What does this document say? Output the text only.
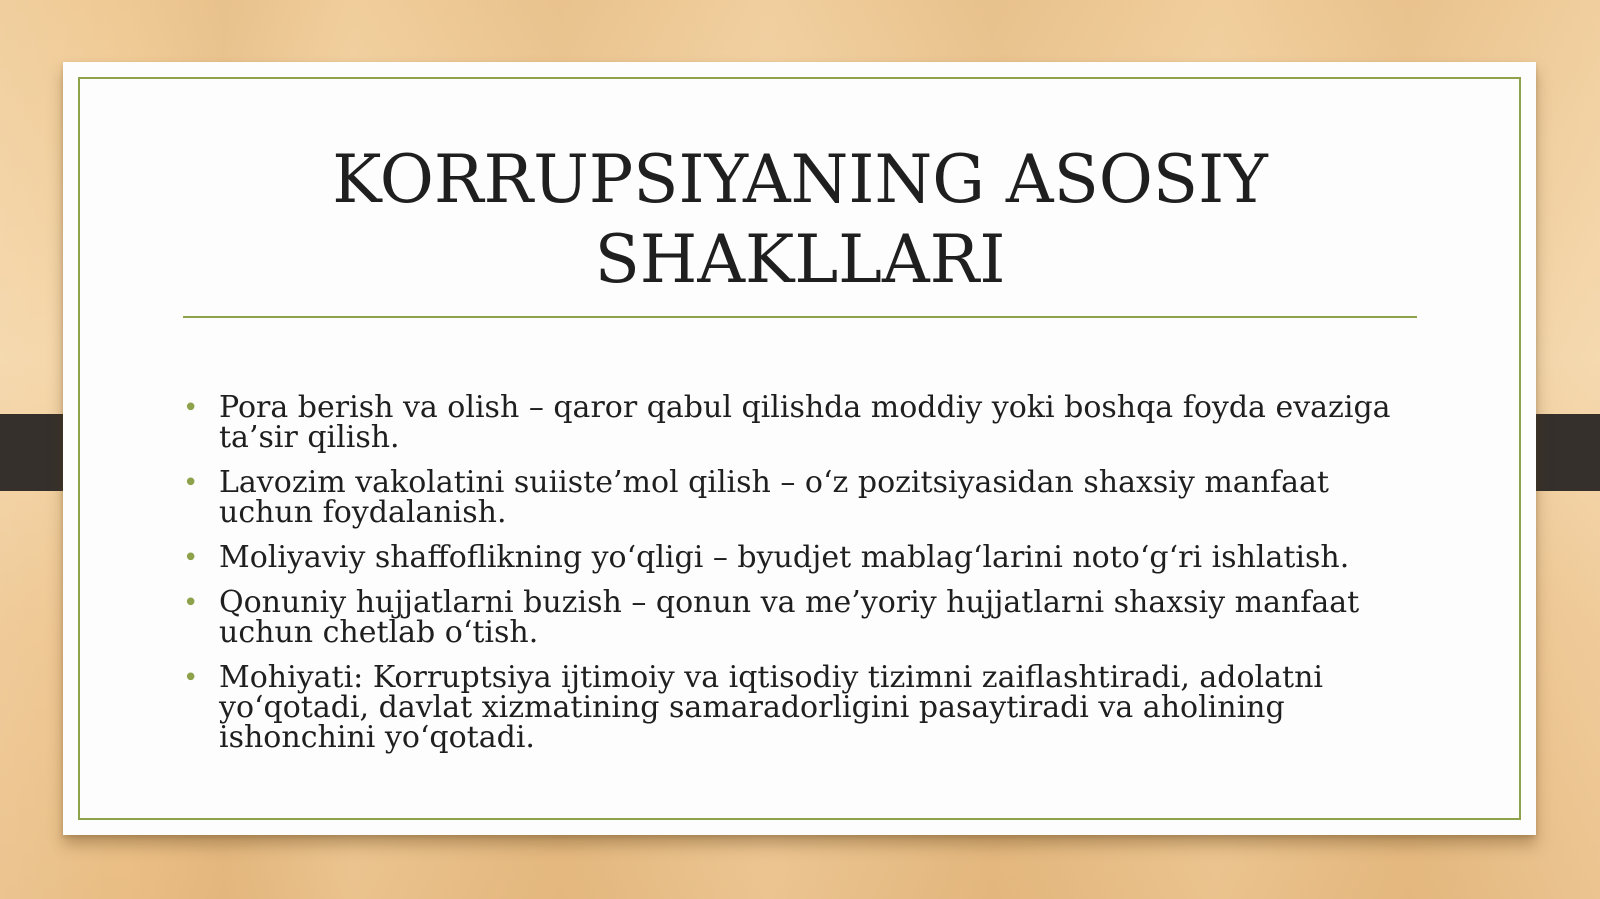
KORRUPSIYANING ASOSIY SHAKLLARI
• Pora berish va olish – qaror qabul qilishda moddiy yoki boshqa foyda evaziga ta’sir qilish.
• Lavozim vakolatini suiiste’mol qilish – o‘z pozitsiyasidan shaxsiy manfaat uchun foydalanish.
• Moliyaviy shaffoflikning yo‘qligi – byudjet mablag‘larini noto‘g‘ri ishlatish.
• Qonuniy hujjatlarni buzish – qonun va me’yoriy hujjatlarni shaxsiy manfaat uchun chetlab o‘tish.
• Mohiyati: Korruptsiya ijtimoiy va iqtisodiy tizimni zaiflashtiradi, adolatni yo‘qotadi, davlat xizmatining samaradorligini pasaytiradi va aholining ishonchini yo‘qotadi.
